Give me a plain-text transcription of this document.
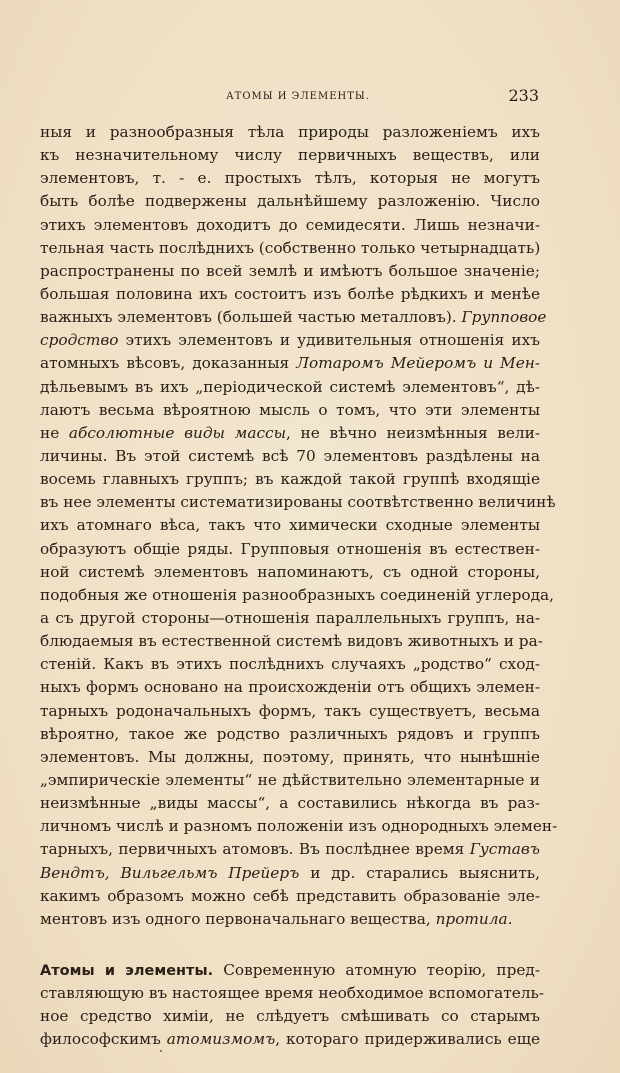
АТОМЫ И ЭЛЕМЕНТЫ.	233
ныя и разнообразныя тѣла природы разложеніемъ ихъ
къ незначительному числу первичныхъ веществъ, или
элементовъ, т. - е. простыхъ тѣлъ, которыя не могутъ
быть болѣе подвержены дальнѣйшему разложенію. Число
этихъ элементовъ доходитъ до семидесяти. Лишь незначи-
тельная часть послѣднихъ (собственно только четырнадцать)
распространены по всей землѣ и имѣютъ большое значеніе;
большая половина ихъ состоитъ изъ болѣе рѣдкихъ и менѣе
важныхъ элементовъ (большей частью металловъ). Групповое
сродство этихъ элементовъ и удивительныя отношенія ихъ
атомныхъ вѣсовъ, доказанныя Лотаромъ Мейеромъ и Мен-
дѣльевымъ въ ихъ „періодической системѣ элементовъ“, дѣ-
лаютъ весьма вѣроятною мысль о томъ, что эти элементы
не абсолютные виды массы, не вѣчно неизмѣнныя вели-
личины. Въ этой системѣ всѣ 70 элементовъ раздѣлены на
восемь главныхъ группъ; въ каждой такой группѣ входящіе
въ нее элементы систематизированы соотвѣтственно величинѣ
ихъ атомнаго вѣса, такъ что химически сходные элементы
образуютъ общіе ряды. Групповыя отношенія въ естествен-
ной системѣ элементовъ напоминаютъ, съ одной стороны,
подобныя же отношенія разнообразныхъ соединеній углерода,
а съ другой стороны—отношенія параллельныхъ группъ, на-
блюдаемыя въ естественной системѣ видовъ животныхъ и ра-
стеній. Какъ въ этихъ послѣднихъ случаяхъ „родство“ сход-
ныхъ формъ основано на происхожденіи отъ общихъ элемен-
тарныхъ родоначальныхъ формъ, такъ существуетъ, весьма
вѣроятно, такое же родство различныхъ рядовъ и группъ
элементовъ. Мы должны, поэтому, принять, что нынѣшніе
„эмпирическіе элементы“ не дѣйствительно элементарные и
неизмѣнные „виды массы“, а составились нѣкогда въ раз-
личномъ числѣ и разномъ положеніи изъ однородныхъ элемен-
тарныхъ, первичныхъ атомовъ. Въ послѣднее время Густавъ
Вендтъ, Вильгельмъ Прейеръ и др. старались выяснить,
какимъ образомъ можно себѣ представить образованіе эле-
ментовъ изъ одного первоначальнаго вещества, протила.
Атомы и элементы. Современную атомную теорію, пред-
ставляющую въ настоящее время необходимое вспомогатель-
ное средство химіи, не слѣдуетъ смѣшивать со старымъ
философскимъ атомизмомъ, котораго придерживались еще
